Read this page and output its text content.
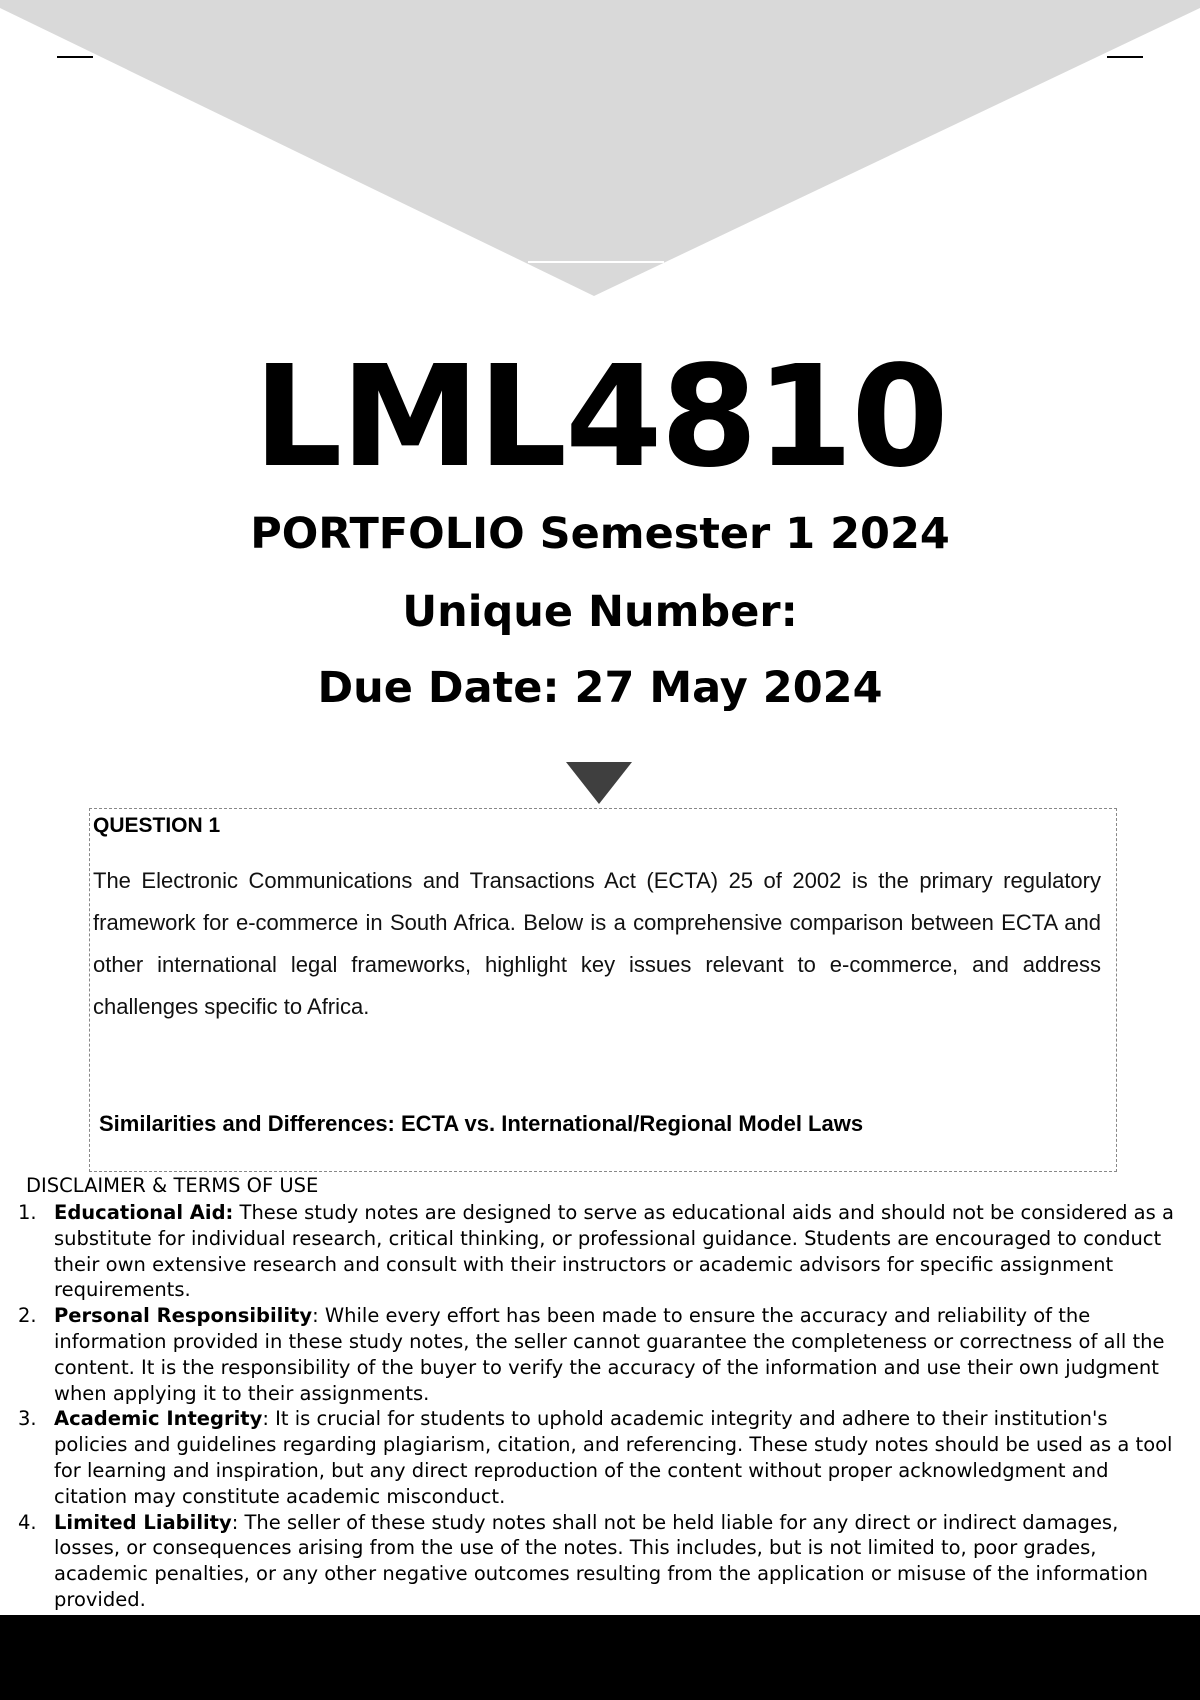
LML4810
PORTFOLIO Semester 1 2024
Unique Number:
Due Date: 27 May 2024
QUESTION 1
The Electronic Communications and Transactions Act (ECTA) 25 of 2002 is the primary regulatory framework for e-commerce in South Africa. Below is a comprehensive comparison between ECTA and other international legal frameworks, highlight key issues relevant to e-commerce, and address challenges specific to Africa.
Similarities and Differences: ECTA vs. International/Regional Model Laws
DISCLAIMER & TERMS OF USE
1. Educational Aid: These study notes are designed to serve as educational aids and should not be considered as a substitute for individual research, critical thinking, or professional guidance. Students are encouraged to conduct their own extensive research and consult with their instructors or academic advisors for specific assignment requirements.
2. Personal Responsibility: While every effort has been made to ensure the accuracy and reliability of the information provided in these study notes, the seller cannot guarantee the completeness or correctness of all the content. It is the responsibility of the buyer to verify the accuracy of the information and use their own judgment when applying it to their assignments.
3. Academic Integrity: It is crucial for students to uphold academic integrity and adhere to their institution's policies and guidelines regarding plagiarism, citation, and referencing. These study notes should be used as a tool for learning and inspiration, but any direct reproduction of the content without proper acknowledgment and citation may constitute academic misconduct.
4. Limited Liability: The seller of these study notes shall not be held liable for any direct or indirect damages, losses, or consequences arising from the use of the notes. This includes, but is not limited to, poor grades, academic penalties, or any other negative outcomes resulting from the application or misuse of the information provided.
